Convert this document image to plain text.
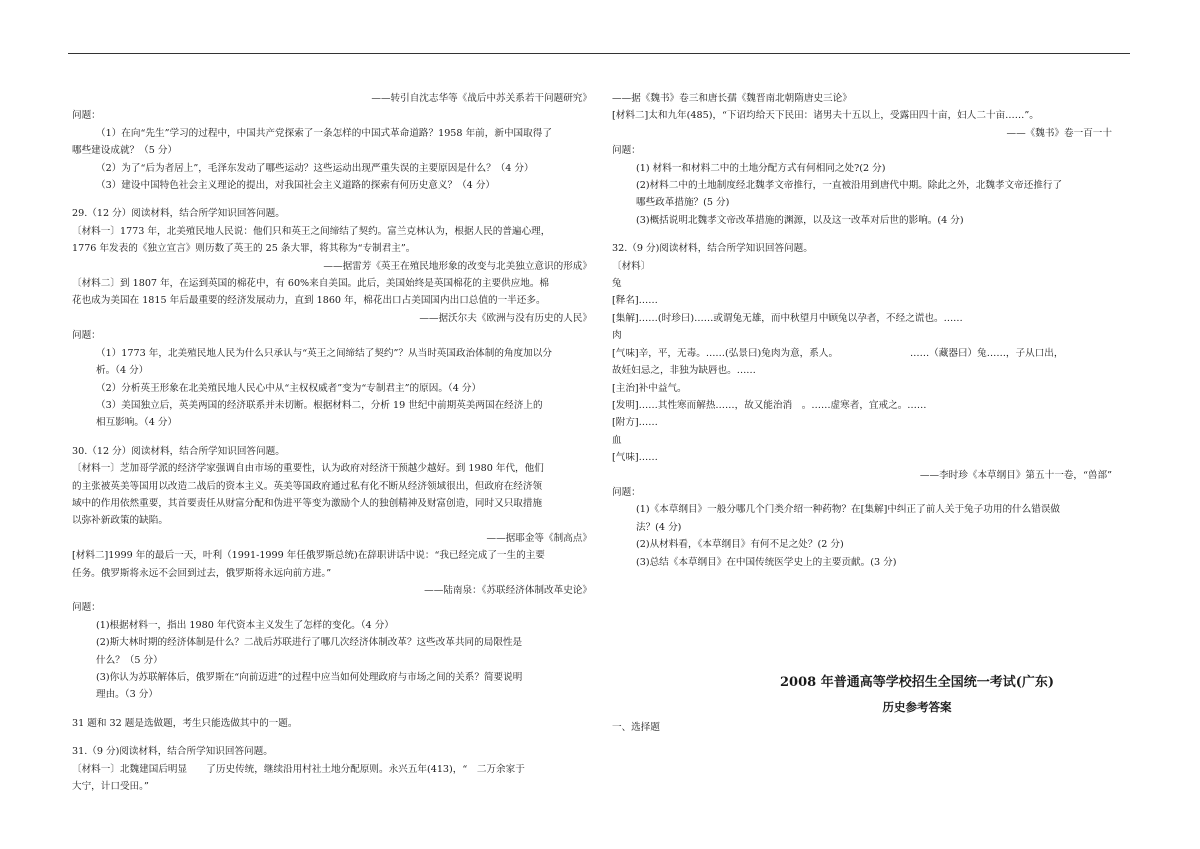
——转引自沈志华等《战后中苏关系若干问题研究》
问题：
（1）在向“先生”学习的过程中，中国共产党探索了一条怎样的中国式革命道路？1958 年前，新中国取得了
哪些建设成就？（5 分）
（2）为了“后为者居上”，毛泽东发动了哪些运动？这些运动出现严重失误的主要原因是什么？（4 分）
（3）建设中国特色社会主义理论的提出，对我国社会主义道路的探索有何历史意义？（4 分）
29.（12 分）阅读材料，结合所学知识回答问题。
〔材料一〕1773 年，北美殖民地人民说：他们只和英王之间缔结了契约。富兰克林认为，根据人民的普遍心理，
1776 年发表的《独立宣言》则历数了英王的 25 条大罪，将其称为“专制君主”。
——据雷芳《英王在殖民地形象的改变与北美独立意识的形成》
〔材料二〕到 1807 年，在运到英国的棉花中，有 60%来自美国。此后，美国始终是英国棉花的主要供应地。棉
花也成为美国在 1815 年后最重要的经济发展动力，直到 1860 年，棉花出口占美国国内出口总值的一半还多。
——据沃尔夫《欧洲与没有历史的人民》
问题：
（1）1773 年，北美殖民地人民为什么只承认与“英王之间缔结了契约”？从当时英国政治体制的角度加以分
析。（4 分）
（2）分析英王形象在北美殖民地人民心中从“主权权威者”变为“专制君主”的原因。（4 分）
（3）美国独立后，英美两国的经济联系并未切断。根据材料二，分析 19 世纪中前期英美两国在经济上的
相互影响。（4 分）
30.（12 分）阅读材料，结合所学知识回答问题。
〔材料一〕芝加哥学派的经济学家强调自由市场的重要性，认为政府对经济干预越少越好。到 1980 年代，他们
的主张被英美等国用以改造二战后的资本主义。英美等国政府通过私有化不断从经济领域很出，但政府在经济领
域中的作用依然重要，其首要责任从财富分配和伪进平等变为激励个人的独创精神及财富创造，同时又只取措施
以弥补新政策的缺陷。
——据耶金等《制高点》
[材料二]1999 年的最后一天，叶利（1991-1999 年任俄罗斯总统)在辞职讲话中说：“我已经完成了一生的主要
任务。俄罗斯将永远不会回到过去，俄罗斯将永远向前方进。”
——陆南泉：《苏联经济体制改革史论》
问题：
(1)根据材料一，指出 1980 年代资本主义发生了怎样的变化。（4 分）
(2)斯大林时期的经济体制是什么？二战后苏联进行了哪几次经济体制改革？这些改革共同的局限性是
什么？（5 分）
(3)你认为苏联解体后，俄罗斯在“向前迈进”的过程中应当如何处理政府与市场之间的关系？简要说明
理由。（3 分）
31 题和 32 题是选做题，考生只能选做其中的一题。
31.（9 分)阅读材料，结合所学知识回答问题。
〔材料一〕北魏建国后明显　　了历史传统，继续沿用村社土地分配原则。永兴五年(413)，“　二万余家于
大宁，计口受田。”
——据《魏书》卷三和唐长孺《魏晋南北朝隋唐史三论》
[材料二]太和九年(485)，“下诏均给天下民田：诸男夫十五以上，受露田四十亩，妇人二十亩……”。
——《魏书》卷一百一十
问题：
(1) 材料一和材料二中的土地分配方式有何相同之处?(2 分)
(2)材料二中的土地制度经北魏孝文帝推行，一直被沿用到唐代中期。除此之外，北魏孝文帝还推行了
哪些政革措施？(5 分)
(3)概括说明北魏孝文帝改革措施的渊源，以及这一改革对后世的影响。(4 分)
32.（9 分)阅读材料，结合所学知识回答问题。
〔材料〕
兔
[释名]……
[集解]……(时珍曰)……或谓兔无雄，而中秋望月中顾兔以孕者，不经之谎也。……
肉
[气味]辛，平，无毒。……(弘景曰)兔肉为意，系人。　　　　　　　　……（藏器曰）兔……，子从口出，
故妊妇忌之，非独为缺唇也。……
[主治]补中益气。
[发明]……其性寒而解热……，故又能治消　。……虚寒者，宜戒之。……
[附方]……
血
[气味]……
——李时珍《本草纲目》第五十一卷，“兽部”
问题：
(1)《本草纲目》一般分哪几个门类介绍一种药物？在[集解]中纠正了前人关于兔子功用的什么错误做
法？(4 分)
(2)从材料看，《本草纲目》有何不足之处？(2 分)
(3)总结《本草纲目》在中国传统医学史上的主要贡献。(3 分)
2008 年普通高等学校招生全国统一考试(广东)
历史参考答案
一、选择题
